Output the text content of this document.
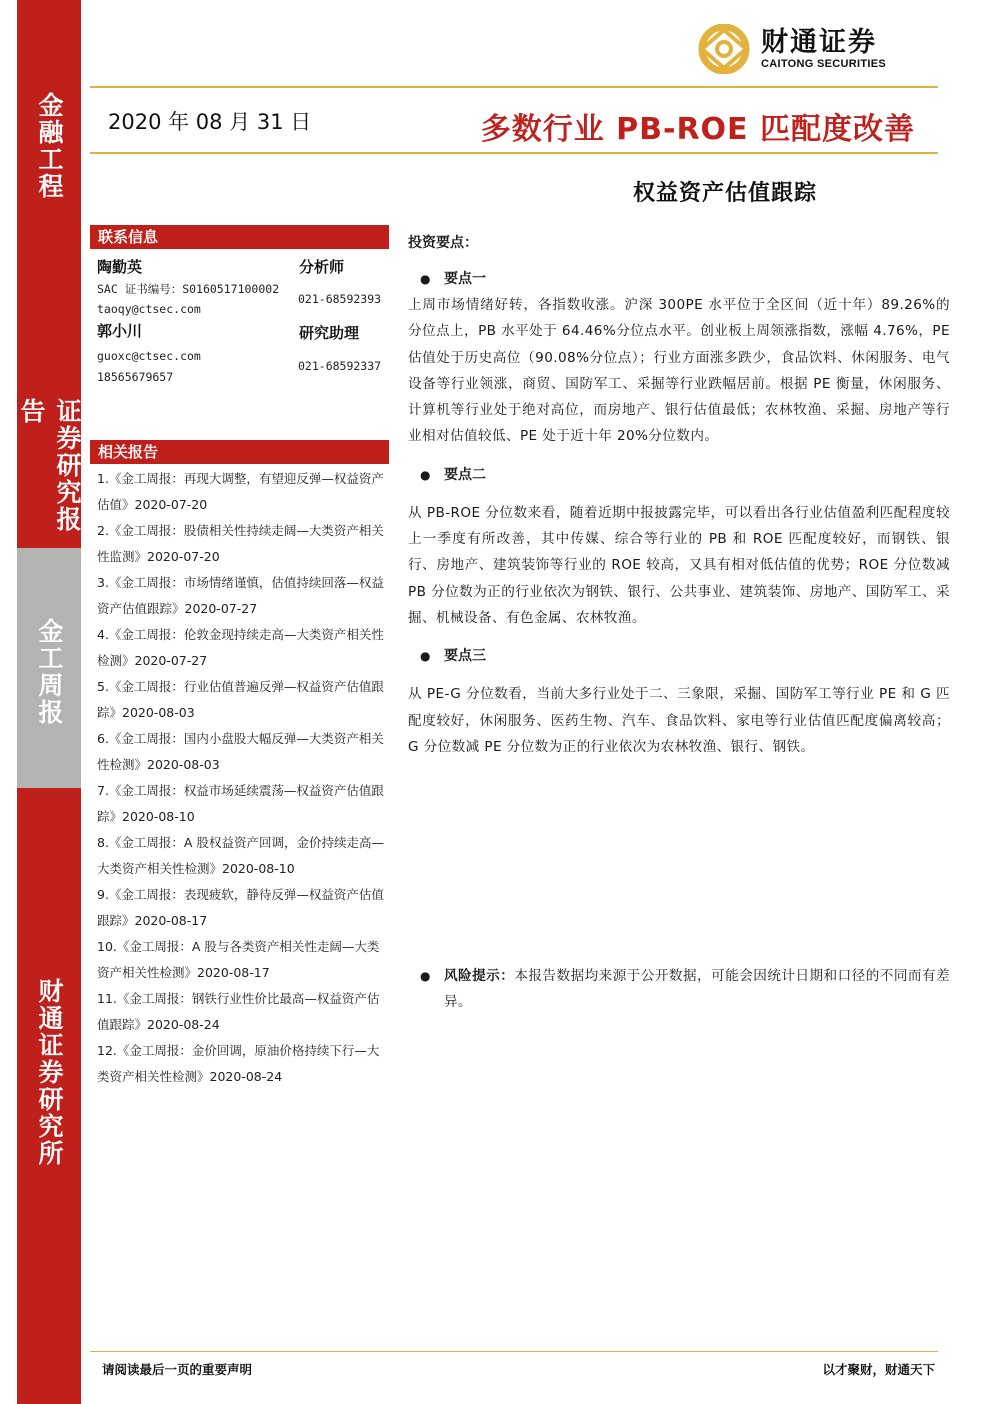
金融工程
证券研究报告
金工周报
财通证券研究所
财通证券
CAITONG SECURITIES
2020 年 08 月 31 日	多数行业 PB-ROE 匹配度改善
权益资产估值跟踪
联系信息
陶勤英	分析师
SAC 证书编号：S0160517100002
021-68592393
taoqy@ctsec.com
郭小川	研究助理
guoxc@ctsec.com
021-68592337
18565679657
相关报告
1.《金工周报：再现大调整，有望迎反弹—权益资产估值》2020-07-20
2.《金工周报：股债相关性持续走阔—大类资产相关性监测》2020-07-20
3.《金工周报：市场情绪谨慎，估值持续回落—权益资产估值跟踪》2020-07-27
4.《金工周报：伦敦金现持续走高—大类资产相关性检测》2020-07-27
5.《金工周报：行业估值普遍反弹—权益资产估值跟踪》2020-08-03
6.《金工周报：国内小盘股大幅反弹—大类资产相关性检测》2020-08-03
7.《金工周报：权益市场延续震荡—权益资产估值跟踪》2020-08-10
8.《金工周报：A 股权益资产回调，金价持续走高—大类资产相关性检测》2020-08-10
9.《金工周报：表现疲软，静待反弹—权益资产估值跟踪》2020-08-17
10.《金工周报：A 股与各类资产相关性走阔—大类资产相关性检测》2020-08-17
11.《金工周报：钢铁行业性价比最高—权益资产估值跟踪》2020-08-24
12.《金工周报：金价回调，原油价格持续下行—大类资产相关性检测》2020-08-24
投资要点：
● 要点一

上周市场情绪好转，各指数收涨。沪深 300PE 水平位于全区间（近十年）89.26%的分位点上，PB 水平处于 64.46%分位点水平。创业板上周领涨指数，涨幅 4.76%，PE 估值处于历史高位（90.08%分位点）；行业方面涨多跌少，食品饮料、休闲服务、电气设备等行业领涨，商贸、国防军工、采掘等行业跌幅居前。根据 PE 衡量，休闲服务、计算机等行业处于绝对高位，而房地产、银行估值最低；农林牧渔、采掘、房地产等行业相对估值较低、PE 处于近十年 20%分位数内。

● 要点二

从 PB-ROE 分位数来看，随着近期中报披露完毕，可以看出各行业估值盈利匹配程度较上一季度有所改善，其中传媒、综合等行业的 PB 和 ROE 匹配度较好，而钢铁、银行、房地产、建筑装饰等行业的 ROE 较高，又具有相对低估值的优势；ROE 分位数减 PB 分位数为正的行业依次为钢铁、银行、公共事业、建筑装饰、房地产、国防军工、采掘、机械设备、有色金属、农林牧渔。

● 要点三

从 PE-G 分位数看，当前大多行业处于二、三象限，采掘、国防军工等行业 PE 和 G 匹配度较好，休闲服务、医药生物、汽车、食品饮料、家电等行业估值匹配度偏离较高；G 分位数减 PE 分位数为正的行业依次为农林牧渔、银行、钢铁。

● 风险提示：本报告数据均来源于公开数据，可能会因统计日期和口径的不同而有差异。
请阅读最后一页的重要声明	以才聚财，财通天下
